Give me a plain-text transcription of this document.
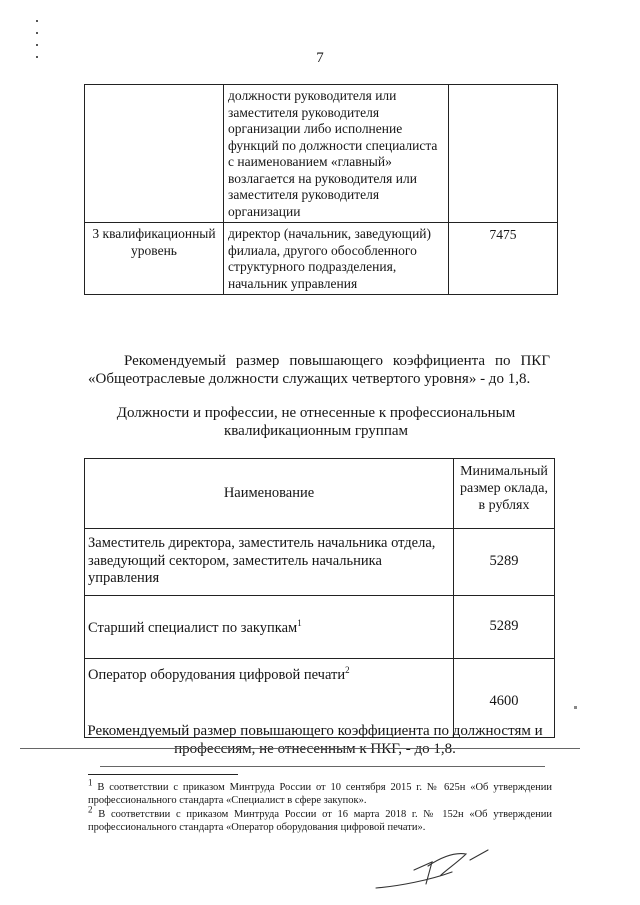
7
	должности руководителя или заместителя руководителя организации либо исполнение функций по должности специалиста с наименованием «главный» возлагается на руководителя или заместителя руководителя организации	
3 квалификационный уровень	директор (начальник, заведующий) филиала, другого обособленного структурного подразделения, начальник управления	7475
Рекомендуемый размер повышающего коэффициента по ПКГ «Общеотраслевые должности служащих четвертого уровня» - до 1,8.
Должности и профессии, не отнесенные к профессиональным квалификационным группам
Наименование	Минимальный размер оклада, в рублях
Заместитель директора, заместитель начальника отдела, заведующий сектором, заместитель начальника управления	5289
Старший специалист по закупкам$^1$	5289
Оператор оборудования цифровой печати$^2$	4600
Рекомендуемый размер повышающего коэффициента по должностям и профессиям, не отнесенным к ПКГ, - до 1,8.
$^1$ В соответствии с приказом Минтруда России от 10 сентября 2015 г. № 625н «Об утверждении профессионального стандарта «Специалист в сфере закупок».
$^2$ В соответствии с приказом Минтруда России от 16 марта 2018 г. № 152н «Об утверждении профессионального стандарта «Оператор оборудования цифровой печати».
